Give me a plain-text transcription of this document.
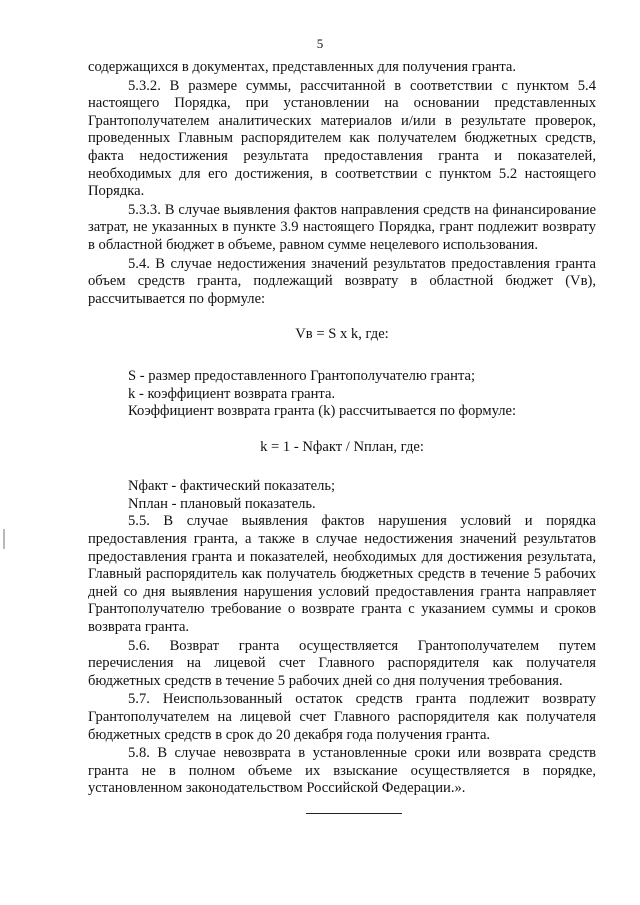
5

содержащихся в документах, представленных для получения гранта.

5.3.2. В размере суммы, рассчитанной в соответствии с пунктом 5.4 настоящего Порядка, при установлении на основании представленных Грантополучателем аналитических материалов и/или в результате проверок, проведенных Главным распорядителем как получателем бюджетных средств, факта недостижения результата предоставления гранта и показателей, необходимых для его достижения, в соответствии с пунктом 5.2 настоящего Порядка.

5.3.3. В случае выявления фактов направления средств на финансирование затрат, не указанных в пункте 3.9 настоящего Порядка, грант подлежит возврату в областной бюджет в объеме, равном сумме нецелевого использования.

5.4. В случае недостижения значений результатов предоставления гранта объем средств гранта, подлежащий возврату в областной бюджет (Vв), рассчитывается по формуле:

Vв = S x k, где:

S - размер предоставленного Грантополучателю гранта;

k - коэффициент возврата гранта.

Коэффициент возврата гранта (k) рассчитывается по формуле:

k = 1 - Nфакт / Nплан, где:

Nфакт - фактический показатель;

Nплан - плановый показатель.

5.5. В случае выявления фактов нарушения условий и порядка предоставления гранта, а также в случае недостижения значений результатов предоставления гранта и показателей, необходимых для достижения результата, Главный распорядитель как получатель бюджетных средств в течение 5 рабочих дней со дня выявления нарушения условий предоставления гранта направляет Грантополучателю требование о возврате гранта с указанием суммы и сроков возврата гранта.

5.6. Возврат гранта осуществляется Грантополучателем путем перечисления на лицевой счет Главного распорядителя как получателя бюджетных средств в течение 5 рабочих дней со дня получения требования.

5.7. Неиспользованный остаток средств гранта подлежит возврату Грантополучателем на лицевой счет Главного распорядителя как получателя бюджетных средств в срок до 20 декабря года получения гранта.

5.8. В случае невозврата в установленные сроки или возврата средств гранта не в полном объеме их взыскание осуществляется в порядке, установленном законодательством Российской Федерации.».
